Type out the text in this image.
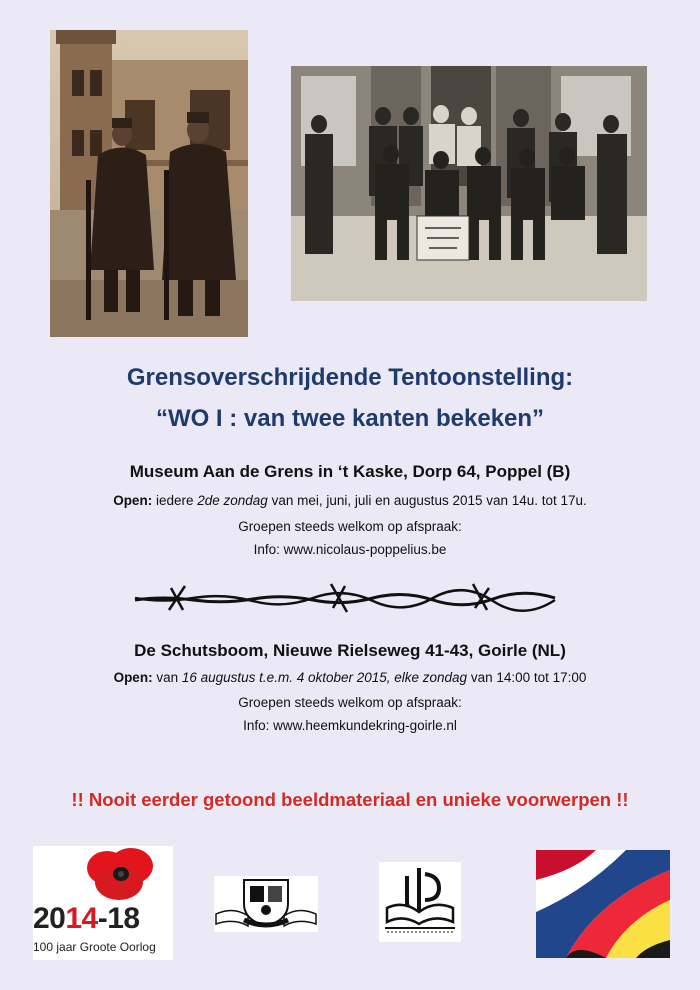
Grensoverschrijdende Tentoonstelling:
“WO I : van twee kanten bekeken”
Museum Aan de Grens in ‘t Kaske, Dorp 64, Poppel (B)
Open: iedere 2de zondag van mei, juni, juli en augustus 2015 van 14u. tot 17u.
Groepen steeds welkom op afspraak:
Info: www.nicolaus-poppelius.be
De Schutsboom, Nieuwe Rielseweg 41-43, Goirle (NL)
Open: van 16 augustus t.e.m. 4 oktober 2015, elke zondag van 14:00 tot 17:00
Groepen steeds welkom op afspraak:
Info: www.heemkundekring-goirle.nl
!! Nooit eerder getoond beeldmateriaal en unieke voorwerpen !!
2014-18
100 jaar Groote Oorlog
